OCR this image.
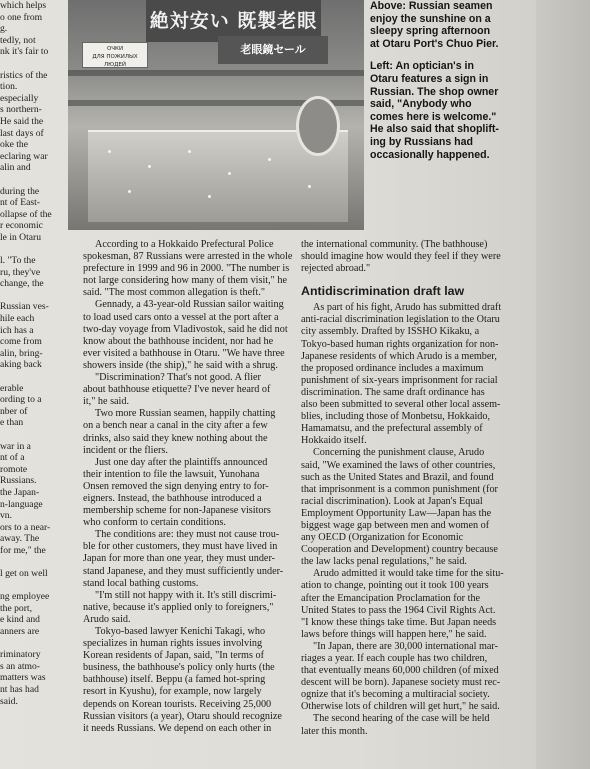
which helps
o one from
g.
tedly, not
nk it's fair to
ristics of the
tion.
especially
s northern-
He said the
last days of
oke the
eclaring war
alin and
during the
nt of East-
ollapse of the
r economic
le in Otaru
l. "To the
ru, they've
change, the
Russian ves-
hile each
ich has a
come from
alin, bring-
aking back
erable
ording to a
nber of
e than
war in a
nt of a
romote
Russians.
the Japan-
n-language
vn.
ors to a near-
away. The
for me," the
l get on well
ng employee
the port,
e kind and
anners are
riminatory
s an atmo-
matters was
nt has had
said.
絶対安い 既製老眼
老眼鏡セール
ОЧКИ
ДЛЯ ПОЖИЛЫХ
ЛЮДЕЙ

Above: Russian seamen
enjoy the sunshine on a
sleepy spring afternoon
at Otaru Port's Chuo Pier.

Left: An optician's in
Otaru features a sign in
Russian. The shop owner
said, "Anybody who
comes here is welcome."
He also said that shoplift-
ing by Russians had
occasionally happened.

According to a Hokkaido Prefectural Police
spokesman, 87 Russians were arrested in the whole
prefecture in 1999 and 96 in 2000. "The number is
not large considering how many of them visit," he
said. "The most common allegation is theft."
Gennady, a 43-year-old Russian sailor waiting
to load used cars onto a vessel at the port after a
two-day voyage from Vladivostok, said he did not
know about the bathhouse incident, nor had he
ever visited a bathhouse in Otaru. "We have three
showers inside (the ship)," he said with a shrug.
"Discrimination? That's not good. A flier
about bathhouse etiquette? I've never heard of
it," he said.
Two more Russian seamen, happily chatting
on a bench near a canal in the city after a few
drinks, also said they knew nothing about the
incident or the fliers.
Just one day after the plaintiffs announced
their intention to file the lawsuit, Yunohana
Onsen removed the sign denying entry to for-
eigners. Instead, the bathhouse introduced a
membership scheme for non-Japanese visitors
who conform to certain conditions.
The conditions are: they must not cause trou-
ble for other customers, they must have lived in
Japan for more than one year, they must under-
stand Japanese, and they must sufficiently under-
stand local bathing customs.
"I'm still not happy with it. It's still discrimi-
native, because it's applied only to foreigners,"
Arudo said.
Tokyo-based lawyer Kenichi Takagi, who
specializes in human rights issues involving
Korean residents of Japan, said, "In terms of
business, the bathhouse's policy only hurts (the
bathhouse) itself. Beppu (a famed hot-spring
resort in Kyushu), for example, now largely
depends on Korean tourists. Receiving 25,000
Russian visitors (a year), Otaru should recognize
it needs Russians. We depend on each other in
the international community. (The bathhouse)
should imagine how would they feel if they were
rejected abroad."
Antidiscrimination draft law
As part of his fight, Arudo has submitted draft
anti-racial discrimination legislation to the Otaru
city assembly. Drafted by ISSHO Kikaku, a
Tokyo-based human rights organization for non-
Japanese residents of which Arudo is a member,
the proposed ordinance includes a maximum
punishment of six-years imprisonment for racial
discrimination. The same draft ordinance has
also been submitted to several other local assem-
blies, including those of Monbetsu, Hokkaido,
Hamamatsu, and the prefectural assembly of
Hokkaido itself.
Concerning the punishment clause, Arudo
said, "We examined the laws of other countries,
such as the United States and Brazil, and found
that imprisonment is a common punishment (for
racial discrimination). Look at Japan's Equal
Employment Opportunity Law—Japan has the
biggest wage gap between men and women of
any OECD (Organization for Economic
Cooperation and Development) country because
the law lacks penal regulations," he said.
Arudo admitted it would take time for the situ-
ation to change, pointing out it took 100 years
after the Emancipation Proclamation for the
United States to pass the 1964 Civil Rights Act.
"I know these things take time. But Japan needs
laws before things will happen here," he said.
"In Japan, there are 30,000 international mar-
riages a year. If each couple has two children,
that eventually means 60,000 children (of mixed
descent will be born). Japanese society must rec-
ognize that it's becoming a multiracial society.
Otherwise lots of children will get hurt," he said.
The second hearing of the case will be held
later this month.
